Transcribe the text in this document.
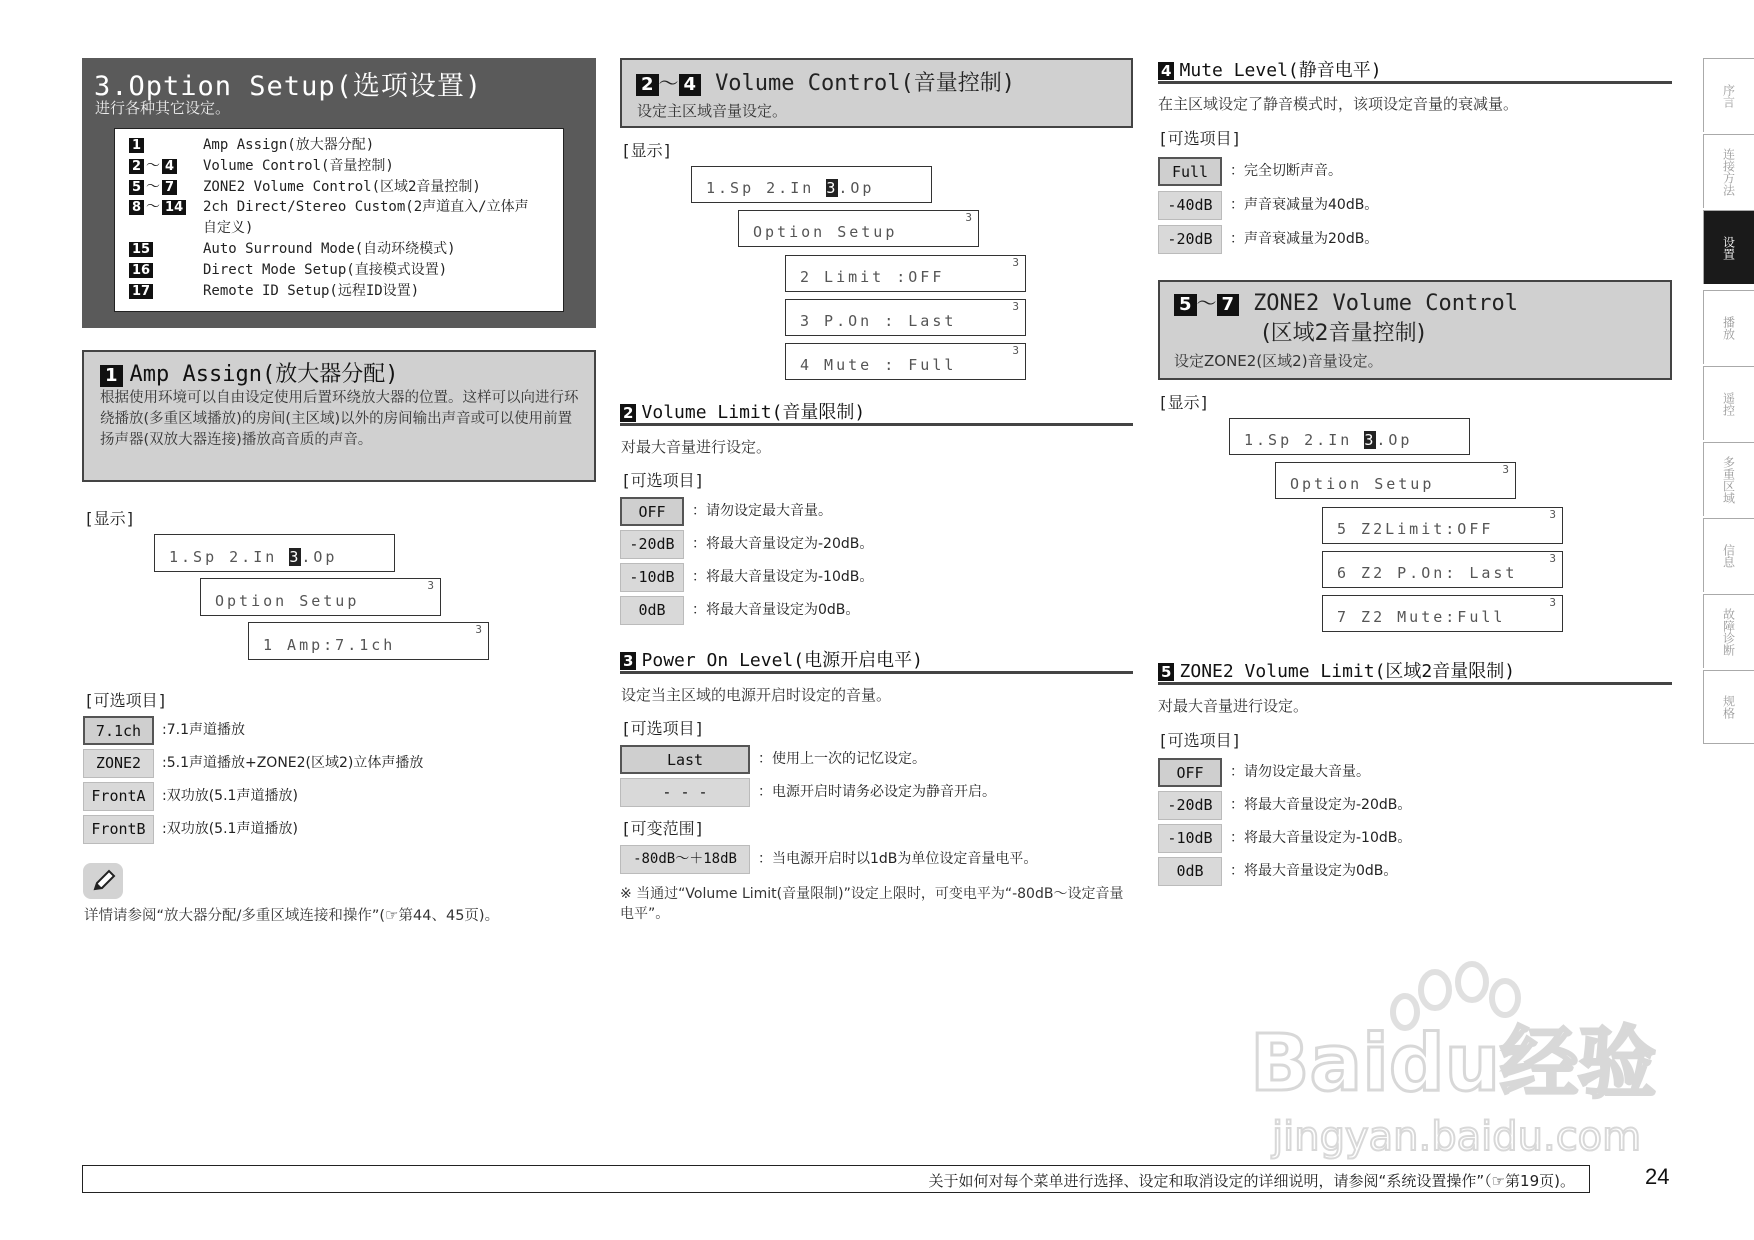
3.Option Setup(选项设置)
进行各种其它设定。
1	Amp Assign(放大器分配)
2 ～ 4	Volume Control(音量控制)
5 ～ 7	ZONE2 Volume Control(区域2音量控制)
8 ～ 14	2ch Direct/Stereo Custom(2声道直入/立体声
自定义)
15	Auto Surround Mode(自动环绕模式)
16	Direct Mode Setup(直接模式设置)
17	Remote ID Setup(远程ID设置)
1 Amp Assign(放大器分配)
根据使用环境可以自由设定使用后置环绕放大器的位置。这样可以向进行环绕播放(多重区域播放)的房间(主区域)以外的房间输出声音或可以使用前置扬声器(双放大器连接)播放高音质的声音。
[显示]
1.Sp 2.In 3.Op
3
Option Setup
3
1 Amp:7.1ch
[可选项目]
7.1ch	:7.1声道播放
ZONE2	:5.1声道播放+ZONE2(区域2)立体声播放
FrontA	:双功放(5.1声道播放)
FrontB	:双功放(5.1声道播放)
详情请参阅“放大器分配/多重区域连接和操作”(☞第44、45页)。
2 ～ 4 Volume Control(音量控制)
设定主区域音量设定。
[显示]
1.Sp 2.In 3.Op
3
Option Setup
3
2 Limit :OFF
3
3 P.On : Last
3
4 Mute : Full
2 Volume Limit(音量限制)
对最大音量进行设定。
[可选项目]
OFF	：请勿设定最大音量。
-20dB	：将最大音量设定为-20dB。
-10dB	：将最大音量设定为-10dB。
0dB	：将最大音量设定为0dB。
3 Power On Level(电源开启电平)
设定当主区域的电源开启时设定的音量。
[可选项目]
Last	：使用上一次的记忆设定。
- - -	：电源开启时请务必设定为静音开启。
[可变范围]
-80dB～＋18dB	：当电源开启时以1dB为单位设定音量电平。
※ 当通过“Volume Limit(音量限制)”设定上限时，可变电平为“-80dB～设定音量电平”。
4 Mute Level(静音电平)
在主区域设定了静音模式时，该项设定音量的衰减量。
[可选项目]
Full	：完全切断声音。
-40dB	：声音衰减量为40dB。
-20dB	：声音衰减量为20dB。
5 ～ 7 ZONE2 Volume Control
(区域2音量控制)
设定ZONE2(区域2)音量设定。
[显示]
1.Sp 2.In 3.Op
3
Option Setup
3
5 Z2Limit:OFF
3
6 Z2 P.On: Last
3
7 Z2 Mute:Full
5 ZONE2 Volume Limit(区域2音量限制)
对最大音量进行设定。
[可选项目]
OFF	：请勿设定最大音量。
-20dB	：将最大音量设定为-20dB。
-10dB	：将最大音量设定为-10dB。
0dB	：将最大音量设定为0dB。
序言
连接方法
设置
播放
遥控
多重区域
信息
故障诊断
规格
Baidu经验
jingyan.baidu.com
关于如何对每个菜单进行选择、设定和取消设定的详细说明，请参阅“系统设置操作”（☞第19页)。	24
